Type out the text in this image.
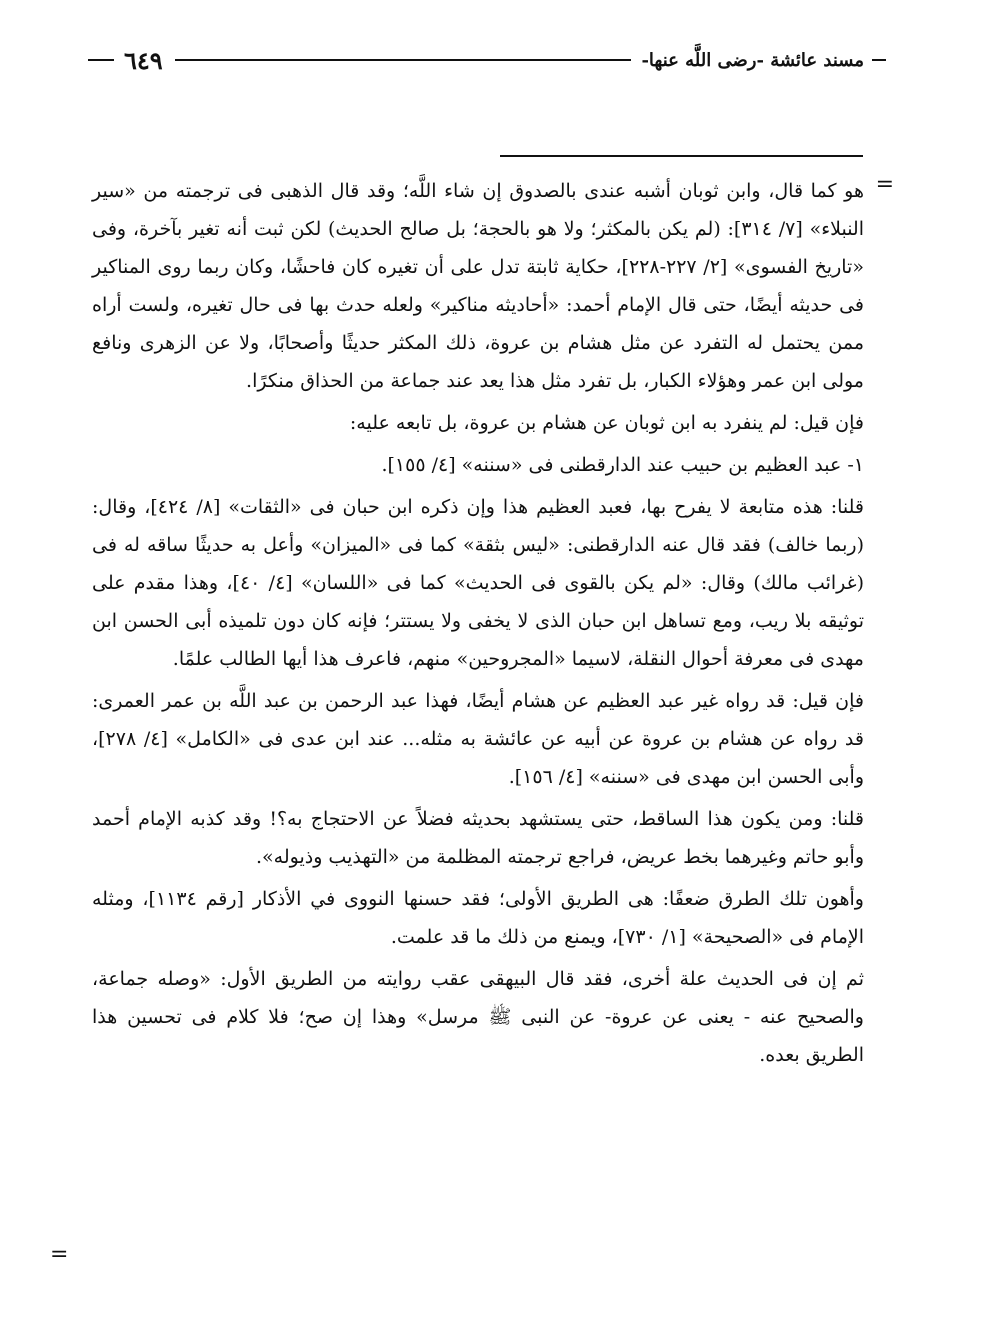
٦٤٩	مسند عائشة -رضى اللَّه عنها-
=

هو كما قال، وابن ثوبان أشبه عندى بالصدوق إن شاء اللَّه؛ وقد قال الذهبى فى ترجمته من «سير النبلاء» [٧/ ٣١٤]: (لم يكن بالمكثر؛ ولا هو بالحجة؛ بل صالح الحديث) لكن ثبت أنه تغير بآخرة، وفى «تاريخ الفسوى» [٢/ ٢٢٧-٢٢٨]، حكاية ثابتة تدل على أن تغيره كان فاحشًا، وكان ربما روى المناكير فى حديثه أيضًا، حتى قال الإمام أحمد: «أحاديثه مناكير» ولعله حدث بها فى حال تغيره، ولست أراه ممن يحتمل له التفرد عن مثل هشام بن عروة، ذلك المكثر حديثًا وأصحابًا، ولا عن الزهرى ونافع مولى ابن عمر وهؤلاء الكبار، بل تفرد مثل هذا يعد عند جماعة من الحذاق منكرًا.

فإن قيل: لم ينفرد به ابن ثوبان عن هشام بن عروة، بل تابعه عليه:

١- عبد العظيم بن حبيب عند الدارقطنى فى «سننه» [٤/ ١٥٥].

قلنا: هذه متابعة لا يفرح بها، فعبد العظيم هذا وإن ذكره ابن حبان فى «الثقات» [٨/ ٤٢٤]، وقال: (ربما خالف) فقد قال عنه الدارقطنى: «ليس بثقة» كما فى «الميزان» وأعل به حديثًا ساقه له فى (غرائب مالك) وقال: «لم يكن بالقوى فى الحديث» كما فى «اللسان» [٤/ ٤٠]، وهذا مقدم على توثيقه بلا ريب، ومع تساهل ابن حبان الذى لا يخفى ولا يستتر؛ فإنه كان دون تلميذه أبى الحسن ابن مهدى فى معرفة أحوال النقلة، لاسيما «المجروحين» منهم، فاعرف هذا أيها الطالب علمًا.

فإن قيل: قد رواه غير عبد العظيم عن هشام أيضًا، فهذا عبد الرحمن بن عبد اللَّه بن عمر العمرى: قد رواه عن هشام بن عروة عن أبيه عن عائشة به مثله... عند ابن عدى فى «الكامل» [٤/ ٢٧٨]، وأبى الحسن ابن مهدى فى «سننه» [٤/ ١٥٦].

قلنا: ومن يكون هذا الساقط، حتى يستشهد بحديثه فضلاً عن الاحتجاج به؟! وقد كذبه الإمام أحمد وأبو حاتم وغيرهما بخط عريض، فراجع ترجمته المظلمة من «التهذيب وذيوله».

وأهون تلك الطرق ضعفًا: هى الطريق الأولى؛ فقد حسنها النووى في الأذكار [رقم ١١٣٤]، ومثله الإمام فى «الصحيحة» [١/ ٧٣٠]، ويمنع من ذلك ما قد علمت.

ثم إن فى الحديث علة أخرى، فقد قال البيهقى عقب روايته من الطريق الأول: «وصله جماعة، والصحيح عنه - يعنى عن عروة- عن النبى ﷺ مرسل» وهذا إن صح؛ فلا كلام فى تحسين هذا الطريق بعده.

=
